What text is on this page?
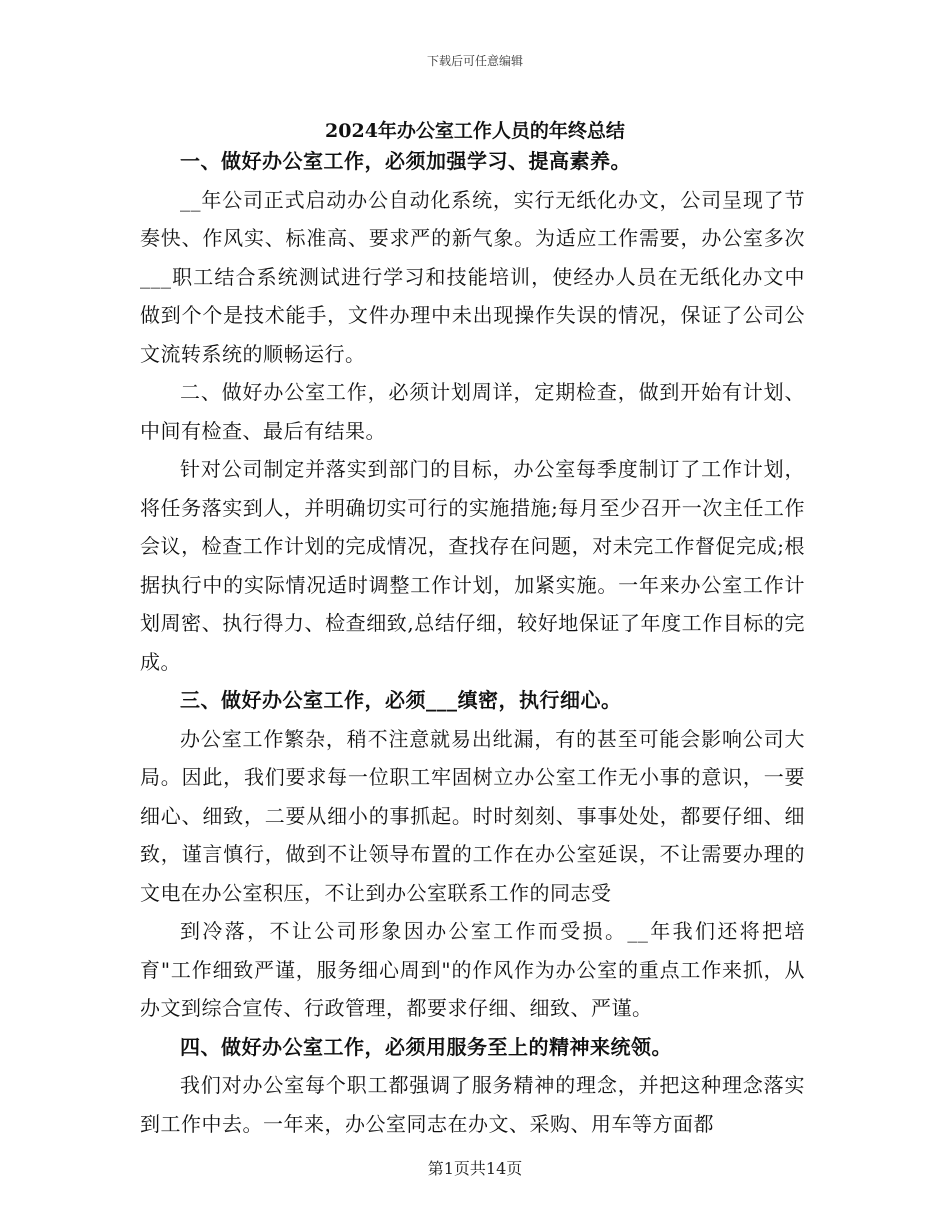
下载后可任意编辑
2024年办公室工作人员的年终总结

一、做好办公室工作，必须加强学习、提高素养。

__年公司正式启动办公自动化系统，实行无纸化办文，公司呈现了节奏快、作风实、标准高、要求严的新气象。为适应工作需要，办公室多次___职工结合系统测试进行学习和技能培训，使经办人员在无纸化办文中做到个个是技术能手，文件办理中未出现操作失误的情况，保证了公司公文流转系统的顺畅运行。

二、做好办公室工作，必须计划周详，定期检查，做到开始有计划、中间有检查、最后有结果。

针对公司制定并落实到部门的目标，办公室每季度制订了工作计划，将任务落实到人，并明确切实可行的实施措施;每月至少召开一次主任工作会议，检查工作计划的完成情况，查找存在问题，对未完工作督促完成;根据执行中的实际情况适时调整工作计划，加紧实施。一年来办公室工作计划周密、执行得力、检查细致,总结仔细，较好地保证了年度工作目标的完成。

三、做好办公室工作，必须___缜密，执行细心。

办公室工作繁杂，稍不注意就易出纰漏，有的甚至可能会影响公司大局。因此，我们要求每一位职工牢固树立办公室工作无小事的意识，一要细心、细致，二要从细小的事抓起。时时刻刻、事事处处，都要仔细、细致，谨言慎行，做到不让领导布置的工作在办公室延误，不让需要办理的文电在办公室积压，不让到办公室联系工作的同志受

到冷落，不让公司形象因办公室工作而受损。__年我们还将把培育"工作细致严谨，服务细心周到"的作风作为办公室的重点工作来抓，从办文到综合宣传、行政管理，都要求仔细、细致、严谨。

四、做好办公室工作，必须用服务至上的精神来统领。

我们对办公室每个职工都强调了服务精神的理念，并把这种理念落实到工作中去。一年来，办公室同志在办文、采购、用车等方面都

第1页共14页
